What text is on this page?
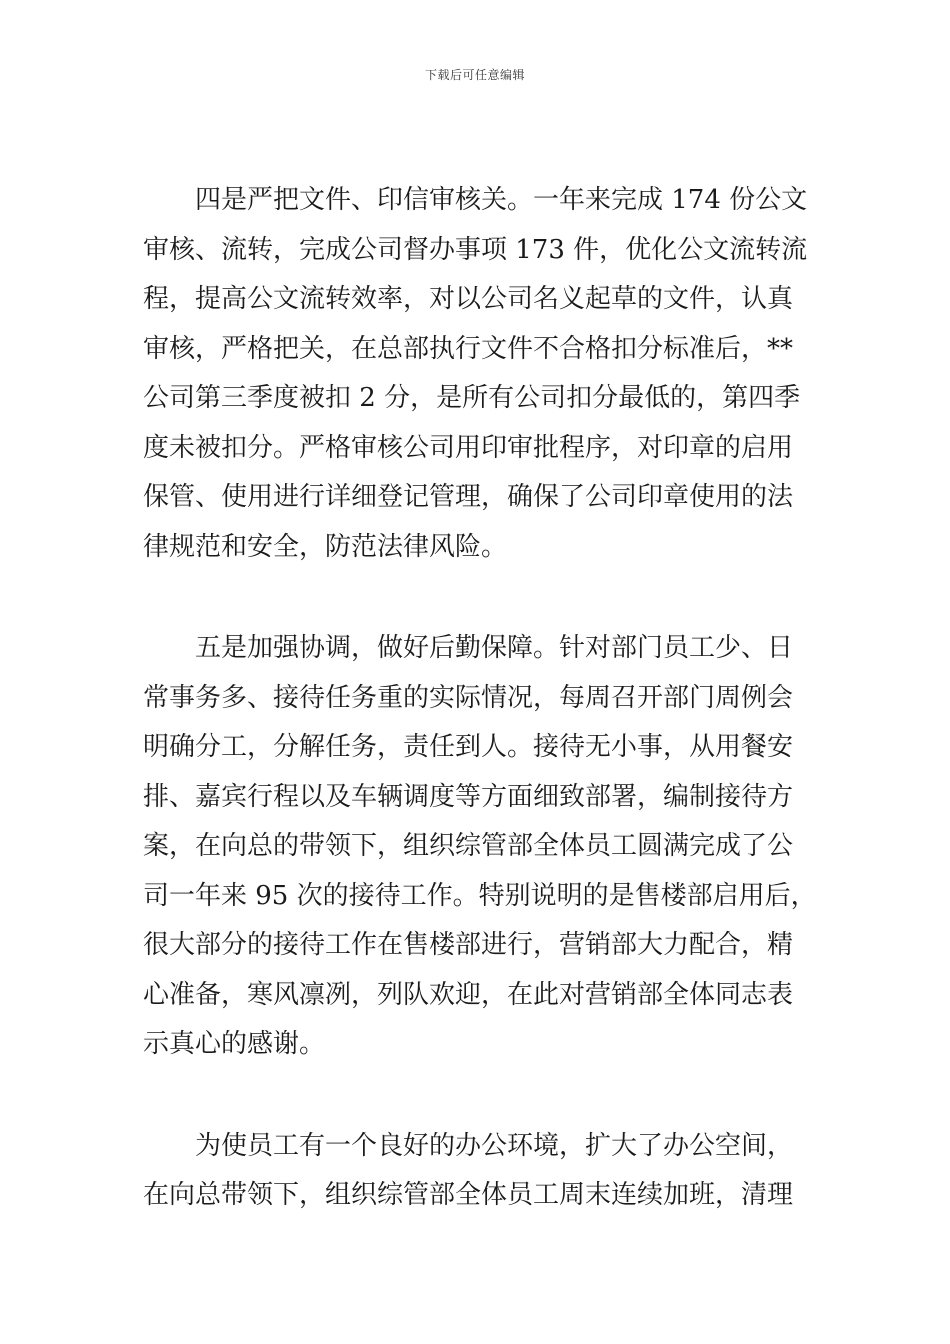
下载后可任意编辑

四是严把文件、印信审核关。一年来完成 174 份公文
审核、流转，完成公司督办事项 173 件，优化公文流转流
程，提高公文流转效率，对以公司名义起草的文件，认真
审核，严格把关，在总部执行文件不合格扣分标准后，**
公司第三季度被扣 2 分，是所有公司扣分最低的，第四季
度未被扣分。严格审核公司用印审批程序，对印章的启用
保管、使用进行详细登记管理，确保了公司印章使用的法
律规范和安全，防范法律风险。

五是加强协调，做好后勤保障。针对部门员工少、日
常事务多、接待任务重的实际情况，每周召开部门周例会
明确分工，分解任务，责任到人。接待无小事，从用餐安
排、嘉宾行程以及车辆调度等方面细致部署，编制接待方
案，在向总的带领下，组织综管部全体员工圆满完成了公
司一年来 95 次的接待工作。特别说明的是售楼部启用后，
很大部分的接待工作在售楼部进行，营销部大力配合，精
心准备，寒风凛冽，列队欢迎，在此对营销部全体同志表
示真心的感谢。

为使员工有一个良好的办公环境，扩大了办公空间，
在向总带领下，组织综管部全体员工周末连续加班，清理
